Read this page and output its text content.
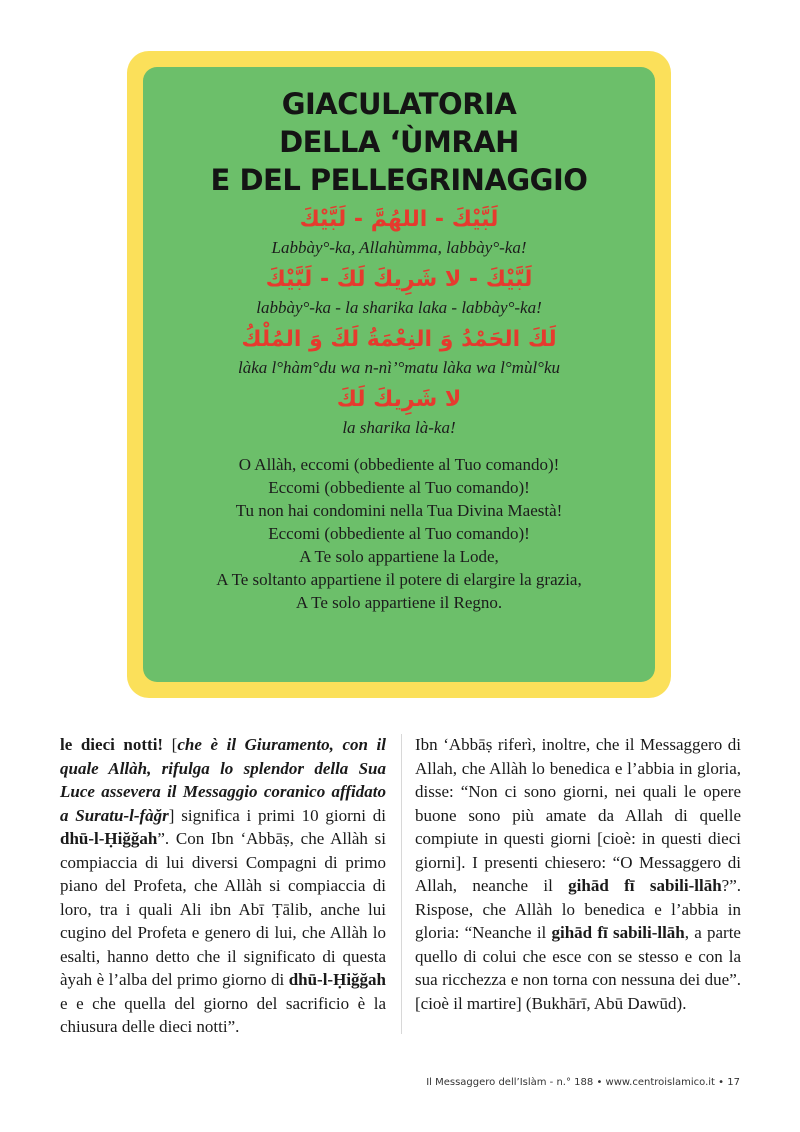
GIACULATORIA
DELLA ‘ÙMRAH
E DEL PELLEGRINAGGIO
لَبَّيْكَ - اللهُمَّ - لَبَّيْكَ
Labbày°-ka, Allahùmma, labbày°-ka!
لَبَّيْكَ - لا شَرِيكَ لَكَ - لَبَّيْكَ
labbày°-ka - la sharika laka - labbày°-ka!
لَكَ الحَمْدُ وَ النِعْمَةُ لَكَ وَ المُلْكُ
làka l°hàm°du wa n-nì’°matu làka wa l°mùl°ku
لا شَرِيكَ لَكَ
la sharika là-ka!
O Allàh, eccomi (obbediente al Tuo comando)!
Eccomi (obbediente al Tuo comando)!
Tu non hai condomini nella Tua Divina Maestà!
Eccomi (obbediente al Tuo comando)!
A Te solo appartiene la Lode,
A Te soltanto appartiene il potere di elargire la grazia,
A Te solo appartiene il Regno.

le dieci notti! [che è il Giuramento, con il quale Allàh, rifulga lo splendor della Sua Luce assevera il Messaggio coranico affidato a Suratu-l-fàğr] significa i primi 10 giorni di dhū-l-Ḥiğğah”. Con Ibn ‘Abbāṣ, che Allàh si compiaccia di lui diversi Compagni di primo piano del Profeta, che Allàh si compiaccia di loro, tra i quali Ali ibn Abī Ṭālib, anche lui cugino del Profeta e genero di lui, che Allàh lo esalti, hanno detto che il significato di questa àyah è l’alba del primo giorno di dhū-l-Ḥiğğah e e che quella del giorno del sacrificio è la chiusura delle dieci notti”.

Ibn ‘Abbāṣ riferì, inoltre, che il Messaggero di Allah, che Allàh lo benedica e l’abbia in gloria, disse: “Non ci sono giorni, nei quali le opere buone sono più amate da Allah di quelle compiute in questi giorni [cioè: in questi dieci giorni]. I presenti chiesero: “O Messaggero di Allah, neanche il gihād fī sabili-llāh?”. Rispose, che Allàh lo benedica e l’abbia in gloria: “Neanche il gihād fī sabili-llāh, a parte quello di colui che esce con se stesso e con la sua ricchezza e non torna con nessuna dei due”. [cioè il martire] (Bukhārī, Abū Dawūd).

Il Messaggero dell’Islàm - n.° 188 • www.centroislamico.it • 17
